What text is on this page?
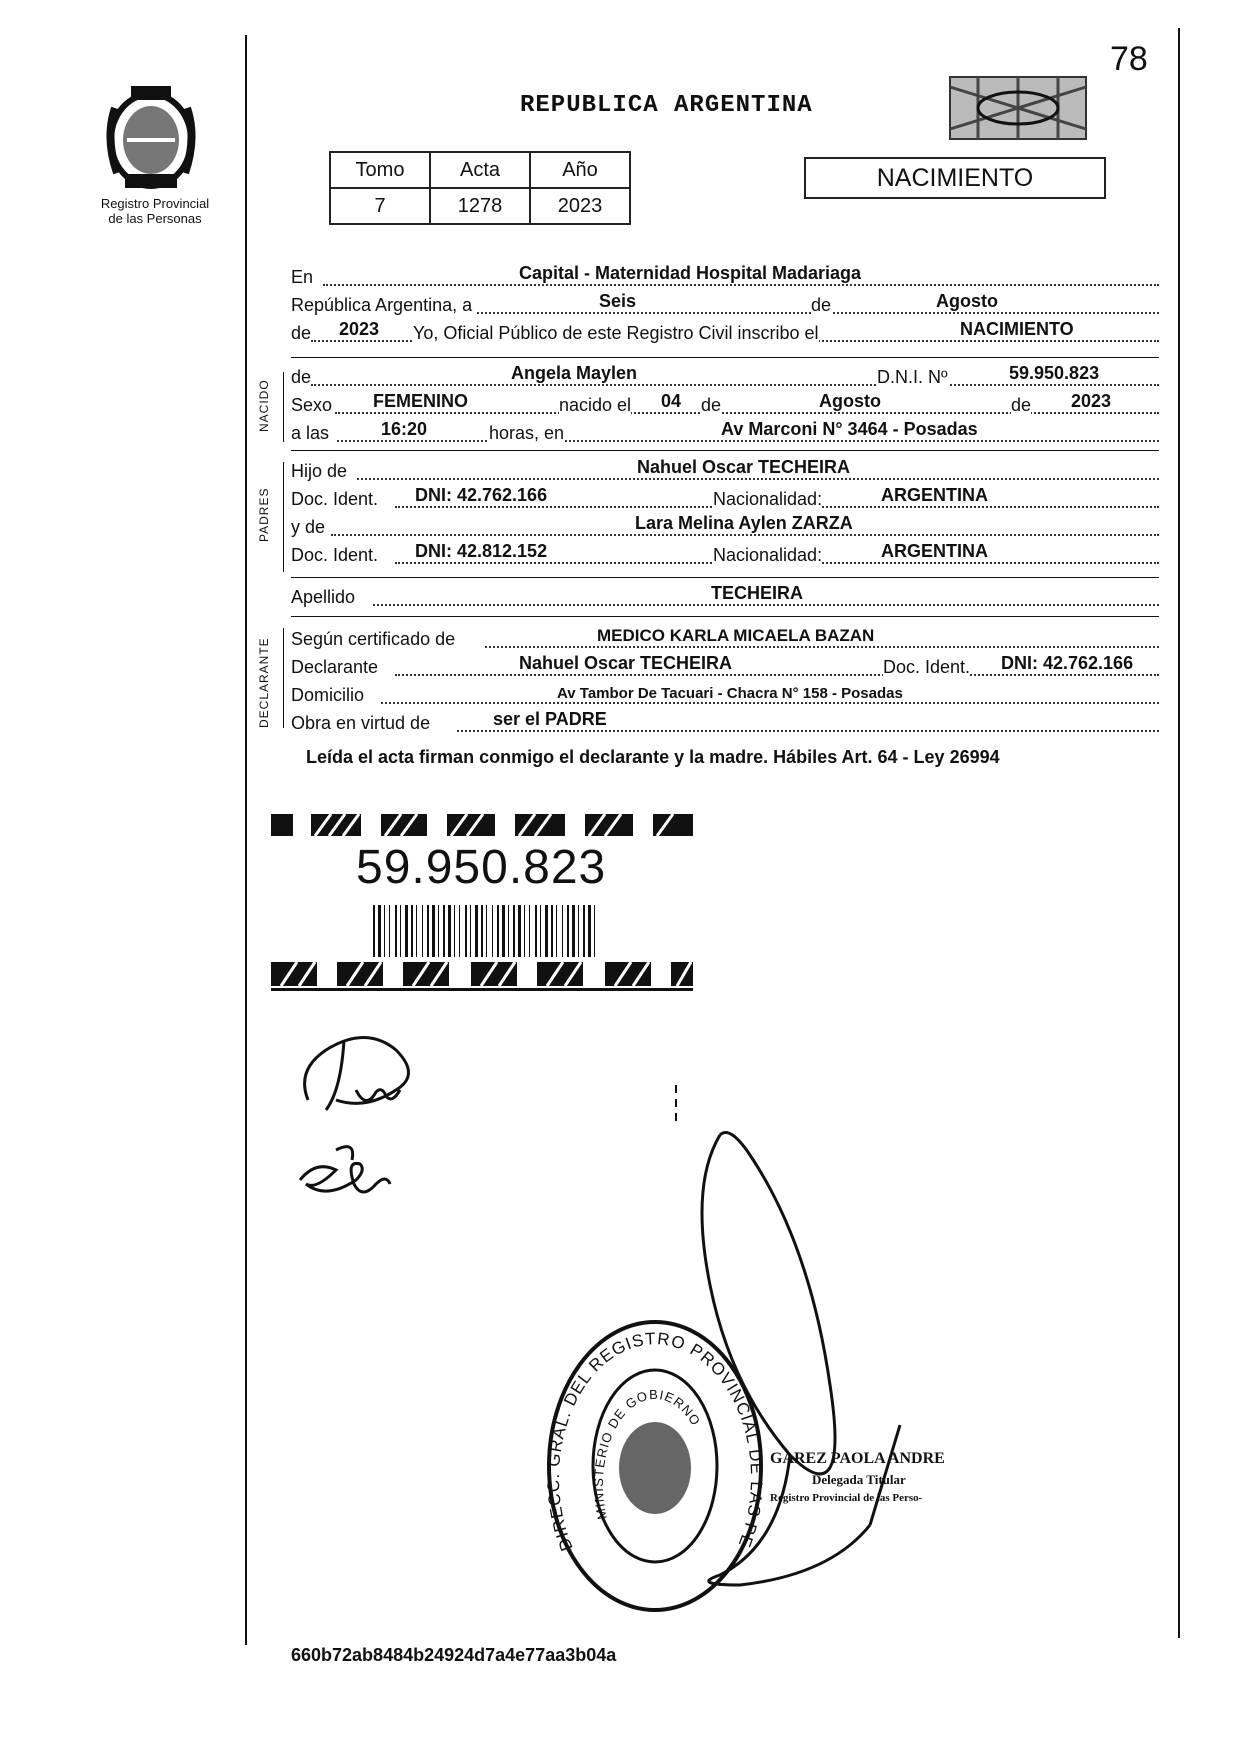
78
Registro Provincial
de las Personas
REPUBLICA ARGENTINA
Tomo	Acta	Año
7	1278	2023
NACIMIENTO
En	Capital - Maternidad Hospital Madariaga
República Argentina, a	Seis	de	Agosto
de 2023 Yo, Oficial Público de este Registro Civil inscribo el	NACIMIENTO
NACIDO
de	Angela Maylen	D.N.I. Nº	59.950.823
Sexo FEMENINO	nacido el 04 de	Agosto	de 2023
a las	16:20	horas, en	Av Marconi N° 3464 - Posadas
PADRES
Hijo de	Nahuel Oscar TECHEIRA
Doc. Ident. DNI: 42.762.166	Nacionalidad:	ARGENTINA
y de	Lara Melina Aylen ZARZA
Doc. Ident. DNI: 42.812.152	Nacionalidad:	ARGENTINA
Apellido	TECHEIRA
DECLARANTE Según certificado de	MEDICO KARLA MICAELA BAZAN
Declarante	Nahuel Oscar TECHEIRA	Doc. Ident. DNI: 42.762.166
Domicilio	Av Tambor De Tacuari - Chacra N° 158 - Posadas
Obra en virtud de	ser el PADRE
Leída el acta firman conmigo el declarante y la madre. Hábiles Art. 64 - Ley 26994
59.950.823
DIRECC. GRAL. DEL REGISTRO PROVINCIAL DE LAS PE
MINISTERIO DE GOBIERNO
GAREZ PAOLA ANDRE
Delegada Titular
Registro Provincial de las Perso-
660b72ab8484b24924d7a4e77aa3b04a
